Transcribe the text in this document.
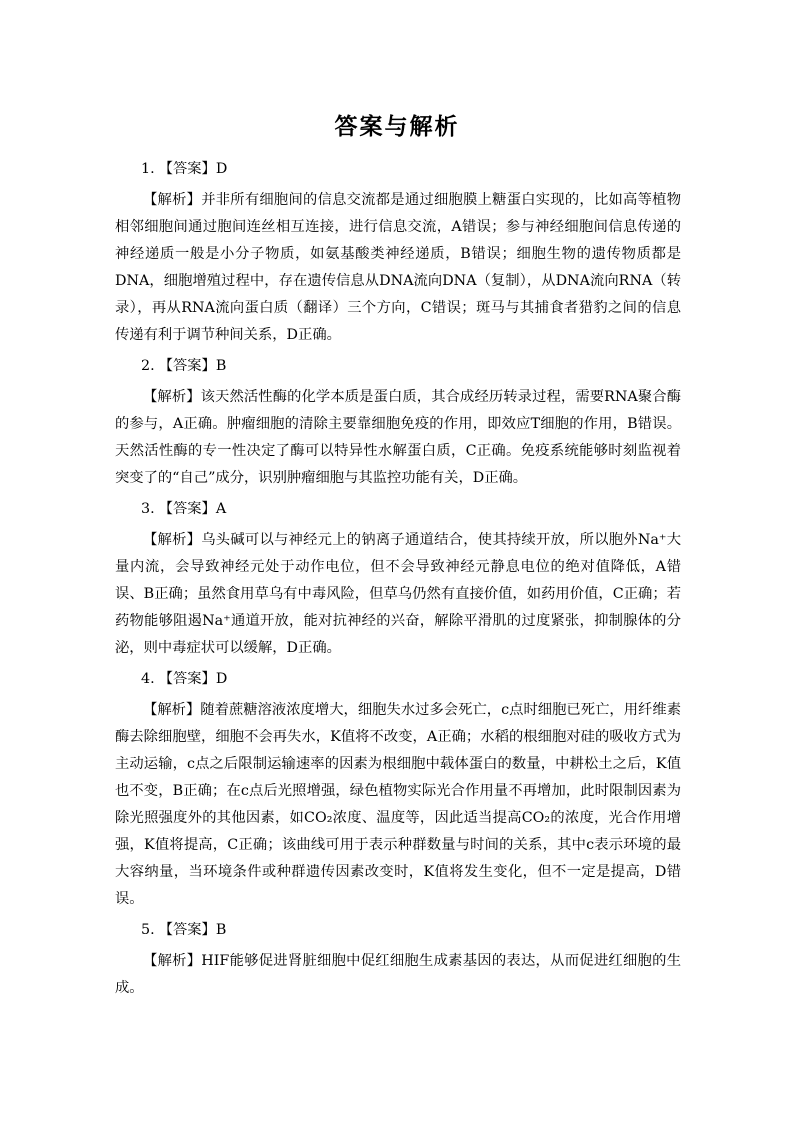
答案与解析

1. 【答案】D

【解析】并非所有细胞间的信息交流都是通过细胞膜上糖蛋白实现的，比如高等植物相邻细胞间通过胞间连丝相互连接，进行信息交流，A错误；参与神经细胞间信息传递的神经递质一般是小分子物质，如氨基酸类神经递质，B错误；细胞生物的遗传物质都是DNA，细胞增殖过程中，存在遗传信息从DNA流向DNA（复制），从DNA流向RNA（转录），再从RNA流向蛋白质（翻译）三个方向，C错误；斑马与其捕食者猎豹之间的信息传递有利于调节种间关系，D正确。

2. 【答案】B

【解析】该天然活性酶的化学本质是蛋白质，其合成经历转录过程，需要RNA聚合酶的参与，A正确。肿瘤细胞的清除主要靠细胞免疫的作用，即效应T细胞的作用，B错误。天然活性酶的专一性决定了酶可以特异性水解蛋白质，C正确。免疫系统能够时刻监视着突变了的“自己”成分，识别肿瘤细胞与其监控功能有关，D正确。

3. 【答案】A

【解析】乌头碱可以与神经元上的钠离子通道结合，使其持续开放，所以胞外Na⁺大量内流，会导致神经元处于动作电位，但不会导致神经元静息电位的绝对值降低，A错误、B正确；虽然食用草乌有中毒风险，但草乌仍然有直接价值，如药用价值，C正确；若药物能够阻遏Na⁺通道开放，能对抗神经的兴奋，解除平滑肌的过度紧张，抑制腺体的分泌，则中毒症状可以缓解，D正确。

4. 【答案】D

【解析】随着蔗糖溶液浓度增大，细胞失水过多会死亡，c点时细胞已死亡，用纤维素酶去除细胞壁，细胞不会再失水，K值将不改变，A正确；水稻的根细胞对硅的吸收方式为主动运输，c点之后限制运输速率的因素为根细胞中载体蛋白的数量，中耕松土之后，K值也不变，B正确；在c点后光照增强，绿色植物实际光合作用量不再增加，此时限制因素为除光照强度外的其他因素，如CO₂浓度、温度等，因此适当提高CO₂的浓度，光合作用增强，K值将提高，C正确；该曲线可用于表示种群数量与时间的关系，其中c表示环境的最大容纳量，当环境条件或种群遗传因素改变时，K值将发生变化，但不一定是提高，D错误。

5. 【答案】B

【解析】HIF能够促进肾脏细胞中促红细胞生成素基因的表达，从而促进红细胞的生成。
